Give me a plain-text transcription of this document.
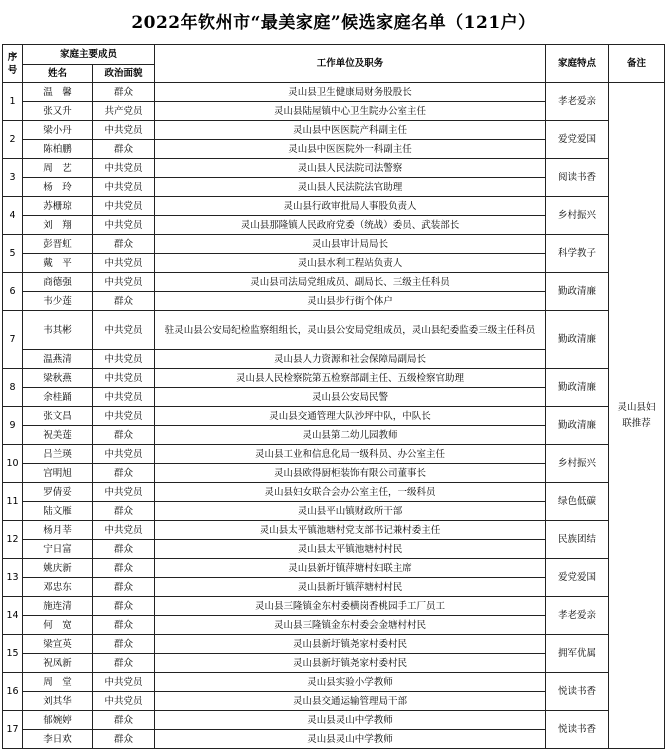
2022年钦州市“最美家庭”候选家庭名单（121户）
序号	家庭主要成员		工作单位及职务	家庭特点	备注
	姓名	政治面貌			
1	温　馨	群众	灵山县卫生健康局财务股股长	孝老爱亲	灵山县妇联推荐
	张又升	共产党员	灵山县陆屋镇中心卫生院办公室主任		
2	梁小丹	中共党员	灵山县中医医院产科副主任	爱党爱国	
	陈柏鹏	群众	灵山县中医医院外一科副主任		
3	周　艺	中共党员	灵山县人民法院司法警察	阅读书香	
	杨　玲	中共党员	灵山县人民法院法官助理		
4	苏栅琼	中共党员	灵山县行政审批局人事股负责人	乡村振兴	
	刘　翔	中共党员	灵山县那隆镇人民政府党委（统战）委员、武装部长		
5	彭晋虹	群众	灵山县审计局局长	科学教子	
	戴　平	中共党员	灵山县水利工程站负责人		
6	商德强	中共党员	灵山县司法局党组成员、副局长、三级主任科员	勤政清廉	
	韦少莲	群众	灵山县步行街个体户		
7	韦其彬	中共党员	驻灵山县公安局纪检监察组组长，灵山县公安局党组成员，灵山县纪委监委三级主任科员	勤政清廉	
	温燕清	中共党员	灵山县人力资源和社会保障局副局长		
8	梁秋燕	中共党员	灵山县人民检察院第五检察部副主任、五级检察官助理	勤政清廉	
	余桂踊	中共党员	灵山县公安局民警		
9	张文昌	中共党员	灵山县交通管理大队沙坪中队，中队长	勤政清廉	
	祝美莲	群众	灵山县第二幼儿园教师		
10	吕兰瑛	中共党员	灵山县工业和信息化局一级科员、办公室主任	乡村振兴	
	宫明旭	群众	灵山县欧得厨柜装饰有限公司董事长		
11	罗倩妥	中共党员	灵山县妇女联合会办公室主任，一级科员	绿色低碳	
	陆文雁	群众	灵山县平山镇财政所干部		
12	杨月莘	中共党员	灵山县太平镇池塘村党支部书记兼村委主任	民族团结	
	宁日富	群众	灵山县太平镇池塘村村民		
13	姚庆新	群众	灵山县新圩镇萍塘村妇联主席	爱党爱国	
	邓忠东	群众	灵山县新圩镇萍塘村村民		
14	施连清	群众	灵山县三隆镇金东村委横岗香桃园手工厂员工	孝老爱亲	
	何　宽	群众	灵山县三隆镇金东村委会金塘村村民		
15	梁宣英	群众	灵山县新圩镇尧家村委村民	拥军优属	
	祝凤新	群众	灵山县新圩镇尧家村委村民		
16	周　堂	中共党员	灵山县实验小学教师	悦读书香	
	刘其华	中共党员	灵山县交通运输管理局干部		
17	郁婉婷	群众	灵山县灵山中学教师	悦读书香	
	李日欢	群众	灵山县灵山中学教师		
